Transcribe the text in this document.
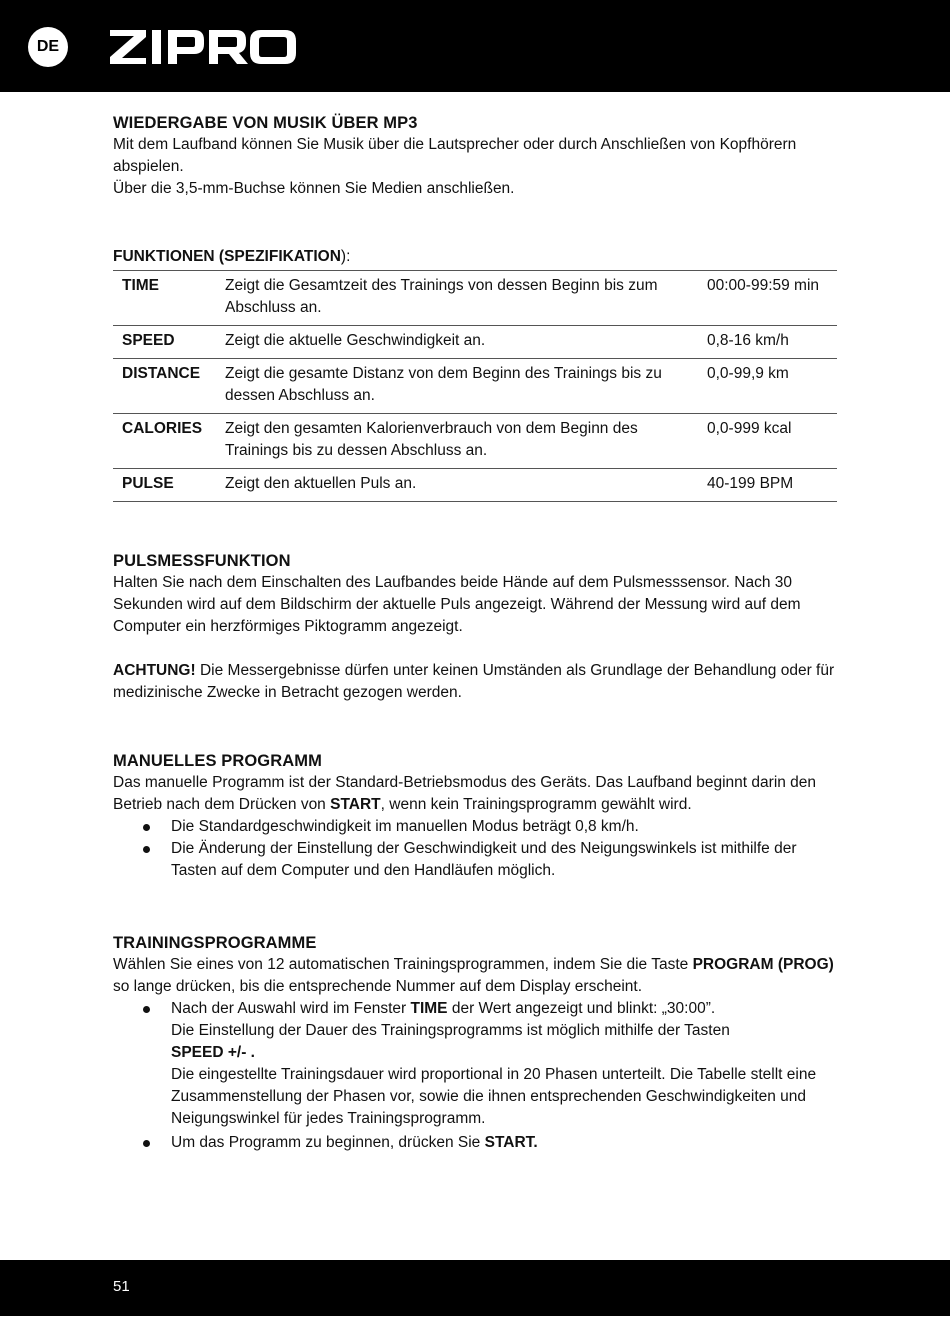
DE
WIEDERGABE VON MUSIK ÜBER MP3

Mit dem Laufband können Sie Musik über die Lautsprecher oder durch Anschließen von Kopfhörern abspielen.

Über die 3,5-mm-Buchse können Sie Medien anschließen.

FUNKTIONEN (SPEZIFIKATION):
TIME	Zeigt die Gesamtzeit des Trainings von dessen Beginn bis zum Abschluss an.	00:00-99:59 min
SPEED	Zeigt die aktuelle Geschwindigkeit an.	0,8-16 km/h
DISTANCE	Zeigt die gesamte Distanz von dem Beginn des Trainings bis zu dessen Abschluss an.	0,0-99,9 km
CALORIES	Zeigt den gesamten Kalorienverbrauch von dem Beginn des Trainings bis zu dessen Abschluss an.	0,0-999 kcal
PULSE	Zeigt den aktuellen Puls an.	40-199 BPM
PULSMESSFUNKTION

Halten Sie nach dem Einschalten des Laufbandes beide Hände auf dem Pulsmesssensor. Nach 30 Sekunden wird auf dem Bildschirm der aktuelle Puls angezeigt. Während der Messung wird auf dem Computer ein herzförmiges Piktogramm angezeigt.

ACHTUNG! Die Messergebnisse dürfen unter keinen Umständen als Grundlage der Behandlung oder für medizinische Zwecke in Betracht gezogen werden.

MANUELLES PROGRAMM

Das manuelle Programm ist der Standard-Betriebsmodus des Geräts. Das Laufband beginnt darin den Betrieb nach dem Drücken von START, wenn kein Trainingsprogramm gewählt wird.

Die Standardgeschwindigkeit im manuellen Modus beträgt 0,8 km/h.
Die Änderung der Einstellung der Geschwindigkeit und des Neigungswinkels ist mithilfe der Tasten auf dem Computer und den Handläufen möglich.
TRAININGSPROGRAMME

Wählen Sie eines von 12 automatischen Trainingsprogrammen, indem Sie die Taste PROGRAM (PROG) so lange drücken, bis die entsprechende Nummer auf dem Display erscheint.

Nach der Auswahl wird im Fenster TIME der Wert angezeigt und blinkt: „30:00”.
Die Einstellung der Dauer des Trainingsprogramms ist möglich mithilfe der Tasten
SPEED +/- .
Die eingestellte Trainingsdauer wird proportional in 20 Phasen unterteilt. Die Tabelle stellt eine Zusammenstellung der Phasen vor, sowie die ihnen entsprechenden Geschwindigkeiten und Neigungswinkel für jedes Trainingsprogramm.
Um das Programm zu beginnen, drücken Sie START.
51
